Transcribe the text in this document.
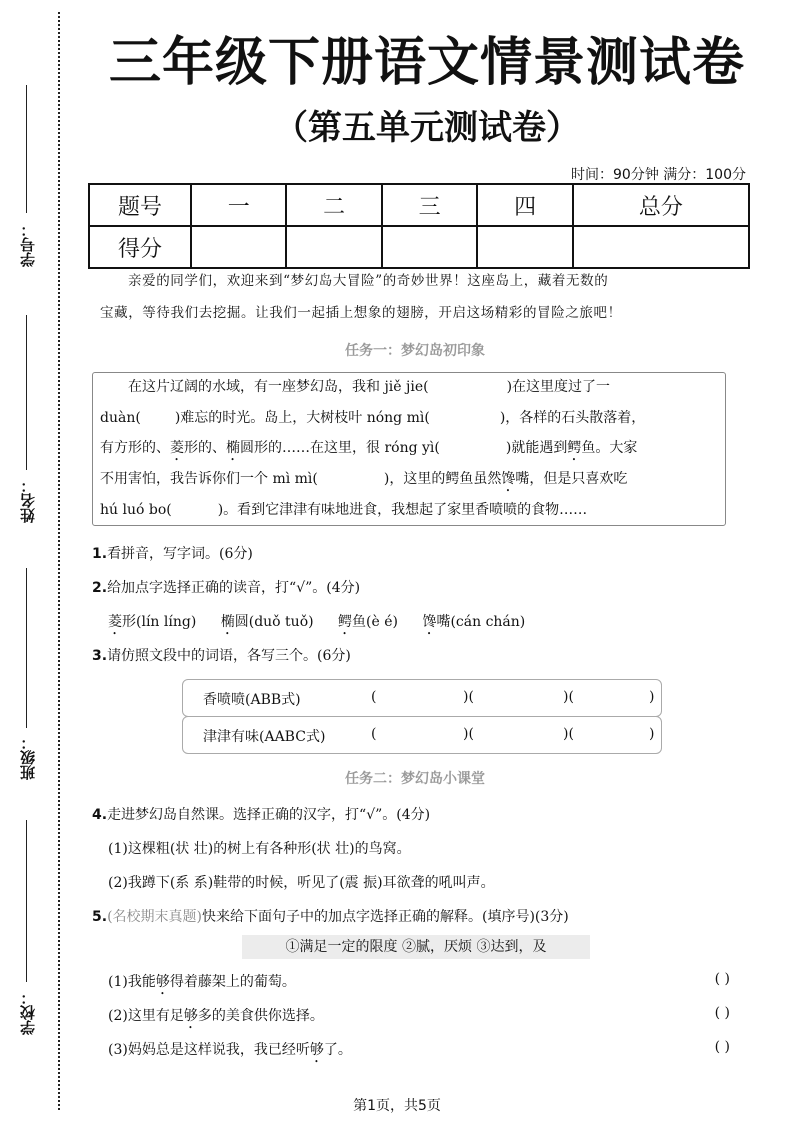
学号：
姓名：
班级：
学校：
三年级下册语文情景测试卷
（第五单元测试卷）
时间：90分钟 满分：100分
题号	一	二	三	四	总分
得分					
亲爱的同学们，欢迎来到“梦幻岛大冒险”的奇妙世界！这座岛上，藏着无数的
宝藏，等待我们去挖掘。让我们一起插上想象的翅膀，开启这场精彩的冒险之旅吧！
任务一：梦幻岛初印象

在这片辽阔的水域，有一座梦幻岛，我和 jiě jie(	)在这里度过了一

duàn( )难忘的时光。岛上，大树枝叶 nóng mì(	)，各样的石头散落着，

有方形的、菱形的、椭圆形的……在这里，很 róng yì(	)就能遇到鳄鱼。大家

不用害怕，我告诉你们一个 mì mì(	)，这里的鳄鱼虽然馋嘴，但是只喜欢吃

hú luó bo(	)。看到它津津有味地进食，我想起了家里香喷喷的食物……

1.看拼音，写字词。(6分)
2.给加点字选择正确的读音，打“√”。(4分)
菱形(lín líng) 椭圆(duǒ tuǒ) 鳄鱼(è é) 馋嘴(cán chán)
3.请仿照文段中的词语，各写三个。(6分)
香喷喷(ABB式)	(	)(	)(	)
津津有味(AABC式)	(	)(	)(	)
任务二：梦幻岛小课堂
4.走进梦幻岛自然课。选择正确的汉字，打“√”。(4分)
(1)这棵粗(状 壮)的树上有各种形(状 壮)的鸟窝。
(2)我蹲下(系 系)鞋带的时候，听见了(震 振)耳欲聋的吼叫声。
5.(名校期末真题)快来给下面句子中的加点字选择正确的解释。(填序号)(3分)
①满足一定的限度 ②腻，厌烦 ③达到，及
(1)我能够得着藤架上的葡萄。	( )
(2)这里有足够多的美食供你选择。	( )
(3)妈妈总是这样说我，我已经听够了。	( )
第1页，共5页
